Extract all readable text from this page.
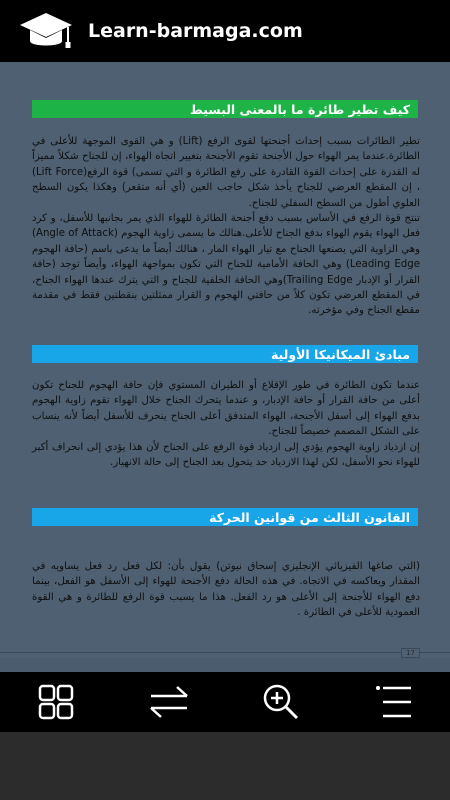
Learn-barmaga.com
كيف تطير طائرة ما بالمعنى البسيط

تطير الطائرات بسبب إحداث أجنحتها لقوى الرفع (Lift) و هي القوى الموجهة للأعلى في الطائرة.عندما يمر الهواء حول الأجنحة تقوم الأجنحة بتغيير اتجاه الهواء، إن للجناح شكلاً مميزاً له القدرة على إحداث القوة القادرة على رفع الطائرة و التي تسمى) قوة الرفع(Lift Force) ، إن المقطع العرضي للجناح يأخذ شكل حاجب العين (أي أنه متقعر) وهكذا يكون السطح العلوي أطول من السطح السفلي للجناح.

تنتج قوة الرفع في الأساس بسبب دفع أجنحة الطائرة للهواء الذي يمر بجانبها للأسفل، و كرد فعل الهواء يقوم الهواء بدفع الجناح للأعلى.هنالك ما يسمى زاوية الهجوم (Angle of Attack) وهي الزاوية التي يصنعها الجناح مع تيار الهواء المار ، هنالك أيضاً ما يدعى باسم (حافة الهجوم Leading Edge) وهي الحافة الأمامية للجناح التي تكون بمواجهة الهواء، وأيضاً توجد (حافة القرار أو الإدبار Trailing Edge)وهي الحافة الخلفية للجناح و التي يترك عندها الهواء الجناح، في المقطع العرضي تكون كلاً من حافتي الهجوم و القرار ممثلتين بنقطتين فقط في مقدمة مقطع الجناح وفي مؤخرته.

مبادئ الميكانيكا الأولية

عندما تكون الطائرة في طور الإقلاع أو الطيران المستوي فإن حافة الهجوم للجناح تكون أعلى من حافة القرار أو حافة الإدبار، و عندما يتحرك الجناح خلال الهواء تقوم زاوية الهجوم بدفع الهواء إلى أسفل الأجنحة، الهواء المتدفق أعلى الجناح ينحرف للأسفل أيضاً لأنه ينساب على الشكل المصمم خصيصاً للجناح.

إن ازدياد زاوية الهجوم يؤدي إلى ازدياد قوة الرفع على الجناح لأن هذا يؤدي إلى انحراف أكبر للهواء نحو الأسفل، لكن لهذا الازدياد حد يتحول بعد الجناح إلى حالة الانهيار.

القانون الثالث من قوانين الحركة

(التي صاغها الفيزيائي الإنجليزي إسحاق نيوتن) يقول بأن: لكل فعل رد فعل يساويه في المقدار ويعاكسه في الاتجاه. في هذه الحالة دفع الأجنحة للهواء إلى الأسفل هو الفعل، بينما دفع الهواء للأجنحة إلى الأعلى هو رد الفعل. هذا ما يسبب قوة الرفع للطائرة و هي القوة العمودية للأعلى في الطائرة .

17
